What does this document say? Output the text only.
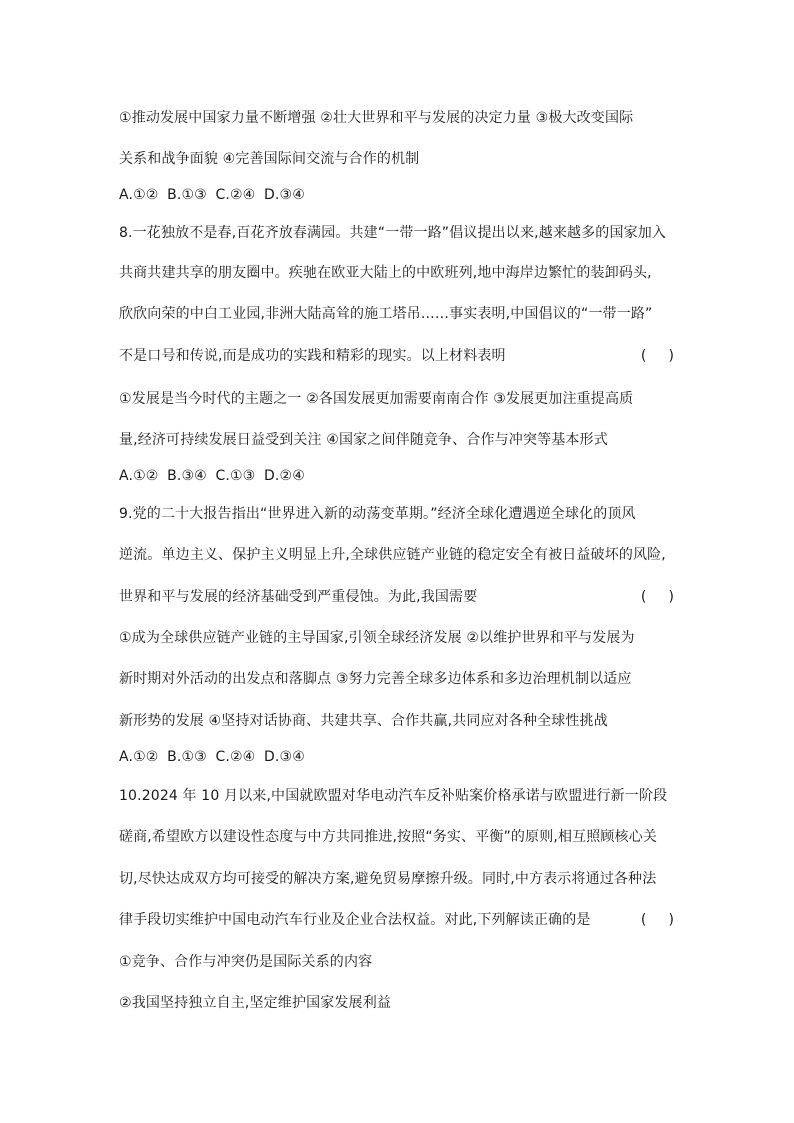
①推动发展中国家力量不断增强 ②壮大世界和平与发展的决定力量 ③极大改变国际
关系和战争面貌 ④完善国际间交流与合作的机制
A.①② B.①③ C.②④ D.③④
8.一花独放不是春,百花齐放春满园。共建“一带一路”倡议提出以来,越来越多的国家加入
共商共建共享的朋友圈中。疾驰在欧亚大陆上的中欧班列,地中海岸边繁忙的装卸码头,
欣欣向荣的中白工业园,非洲大陆高耸的施工塔吊……事实表明,中国倡议的“一带一路”
不是口号和传说,而是成功的实践和精彩的现实。以上材料表明	(     )
①发展是当今时代的主题之一 ②各国发展更加需要南南合作 ③发展更加注重提高质
量,经济可持续发展日益受到关注 ④国家之间伴随竞争、合作与冲突等基本形式
A.①② B.③④ C.①③ D.②④
9.党的二十大报告指出“世界进入新的动荡变革期。”经济全球化遭遇逆全球化的顶风
逆流。单边主义、保护主义明显上升,全球供应链产业链的稳定安全有被日益破坏的风险,
世界和平与发展的经济基础受到严重侵蚀。为此,我国需要	(     )
①成为全球供应链产业链的主导国家,引领全球经济发展 ②以维护世界和平与发展为
新时期对外活动的出发点和落脚点 ③努力完善全球多边体系和多边治理机制以适应
新形势的发展 ④坚持对话协商、共建共享、合作共赢,共同应对各种全球性挑战
A.①② B.①③ C.②④ D.③④
10.2024 年 10 月以来,中国就欧盟对华电动汽车反补贴案价格承诺与欧盟进行新一阶段
磋商,希望欧方以建设性态度与中方共同推进,按照“务实、平衡”的原则,相互照顾核心关
切,尽快达成双方均可接受的解决方案,避免贸易摩擦升级。同时,中方表示将通过各种法
律手段切实维护中国电动汽车行业及企业合法权益。对此,下列解读正确的是	(     )
①竞争、合作与冲突仍是国际关系的内容
②我国坚持独立自主,坚定维护国家发展利益
